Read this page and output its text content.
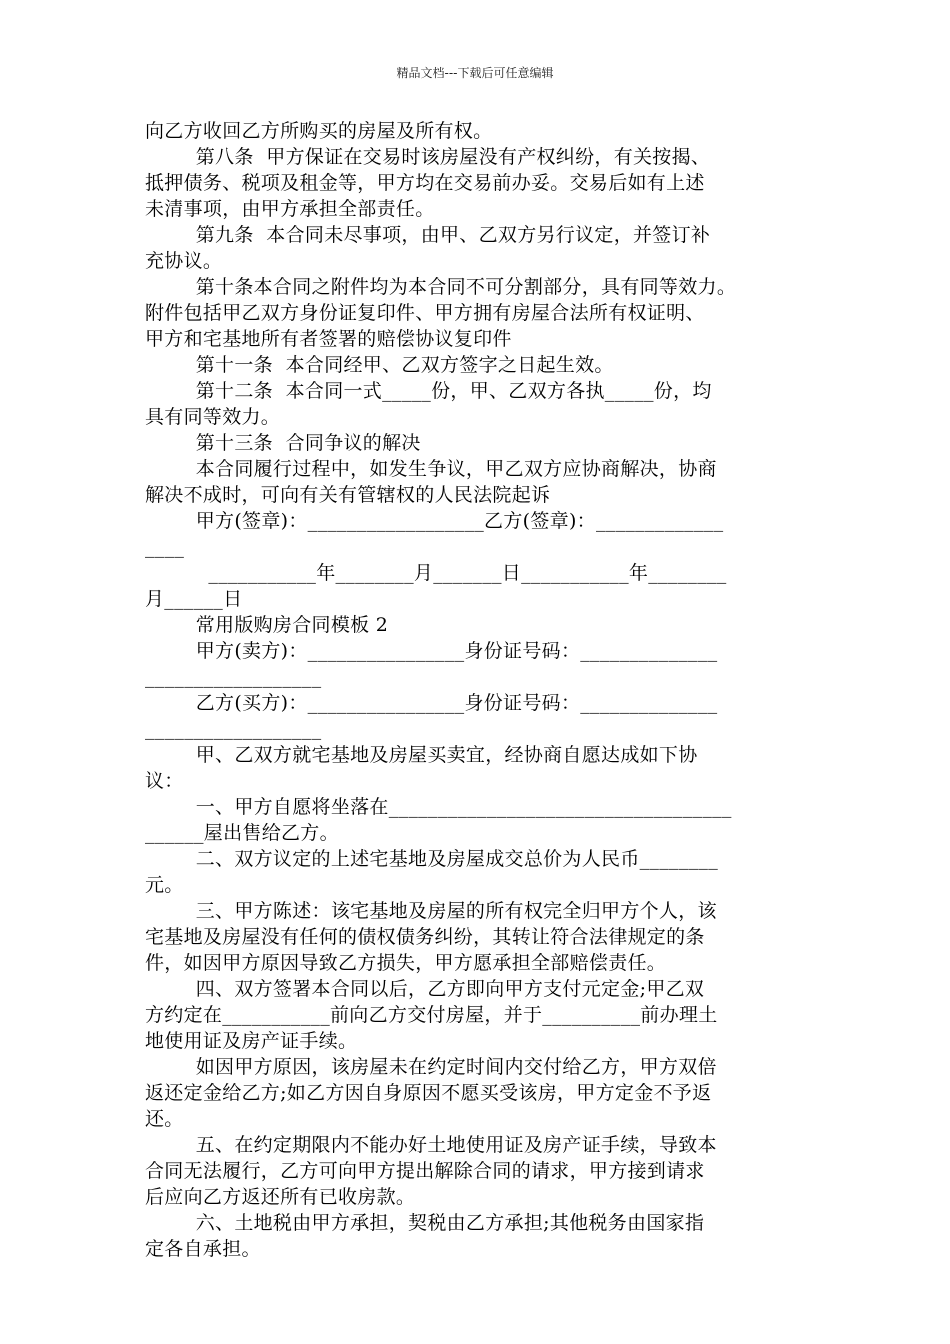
精品文档---下载后可任意编辑
向乙方收回乙方所购买的房屋及所有权。
第八条  甲方保证在交易时该房屋没有产权纠纷，有关按揭、
抵押债务、税项及租金等，甲方均在交易前办妥。交易后如有上述
未清事项，由甲方承担全部责任。
第九条  本合同未尽事项，由甲、乙双方另行议定，并签订补
充协议。
第十条本合同之附件均为本合同不可分割部分，具有同等效力。
附件包括甲乙双方身份证复印件、甲方拥有房屋合法所有权证明、
甲方和宅基地所有者签署的赔偿协议复印件
第十一条  本合同经甲、乙双方签字之日起生效。
第十二条  本合同一式_____份，甲、乙双方各执_____份，均
具有同等效力。
第十三条  合同争议的解决
本合同履行过程中，如发生争议，甲乙双方应协商解决，协商
解决不成时，可向有关有管辖权的人民法院起诉
甲方(签章)：__________________乙方(签章)：_____________
____
___________年________月_______日___________年________
月______日
常用版购房合同模板 2
甲方(卖方)：________________身份证号码：______________
__________________
乙方(买方)：________________身份证号码：______________
__________________
甲、乙双方就宅基地及房屋买卖宜，经协商自愿达成如下协
议：
一、甲方自愿将坐落在___________________________________
______屋出售给乙方。
二、双方议定的上述宅基地及房屋成交总价为人民币________
元。
三、甲方陈述：该宅基地及房屋的所有权完全归甲方个人，该
宅基地及房屋没有任何的债权债务纠纷，其转让符合法律规定的条
件，如因甲方原因导致乙方损失，甲方愿承担全部赔偿责任。
四、双方签署本合同以后，乙方即向甲方支付元定金;甲乙双
方约定在___________前向乙方交付房屋，并于__________前办理土
地使用证及房产证手续。
如因甲方原因，该房屋未在约定时间内交付给乙方，甲方双倍
返还定金给乙方;如乙方因自身原因不愿买受该房，甲方定金不予返
还。
五、在约定期限内不能办好土地使用证及房产证手续，导致本
合同无法履行，乙方可向甲方提出解除合同的请求，甲方接到请求
后应向乙方返还所有已收房款。
六、土地税由甲方承担，契税由乙方承担;其他税务由国家指
定各自承担。
